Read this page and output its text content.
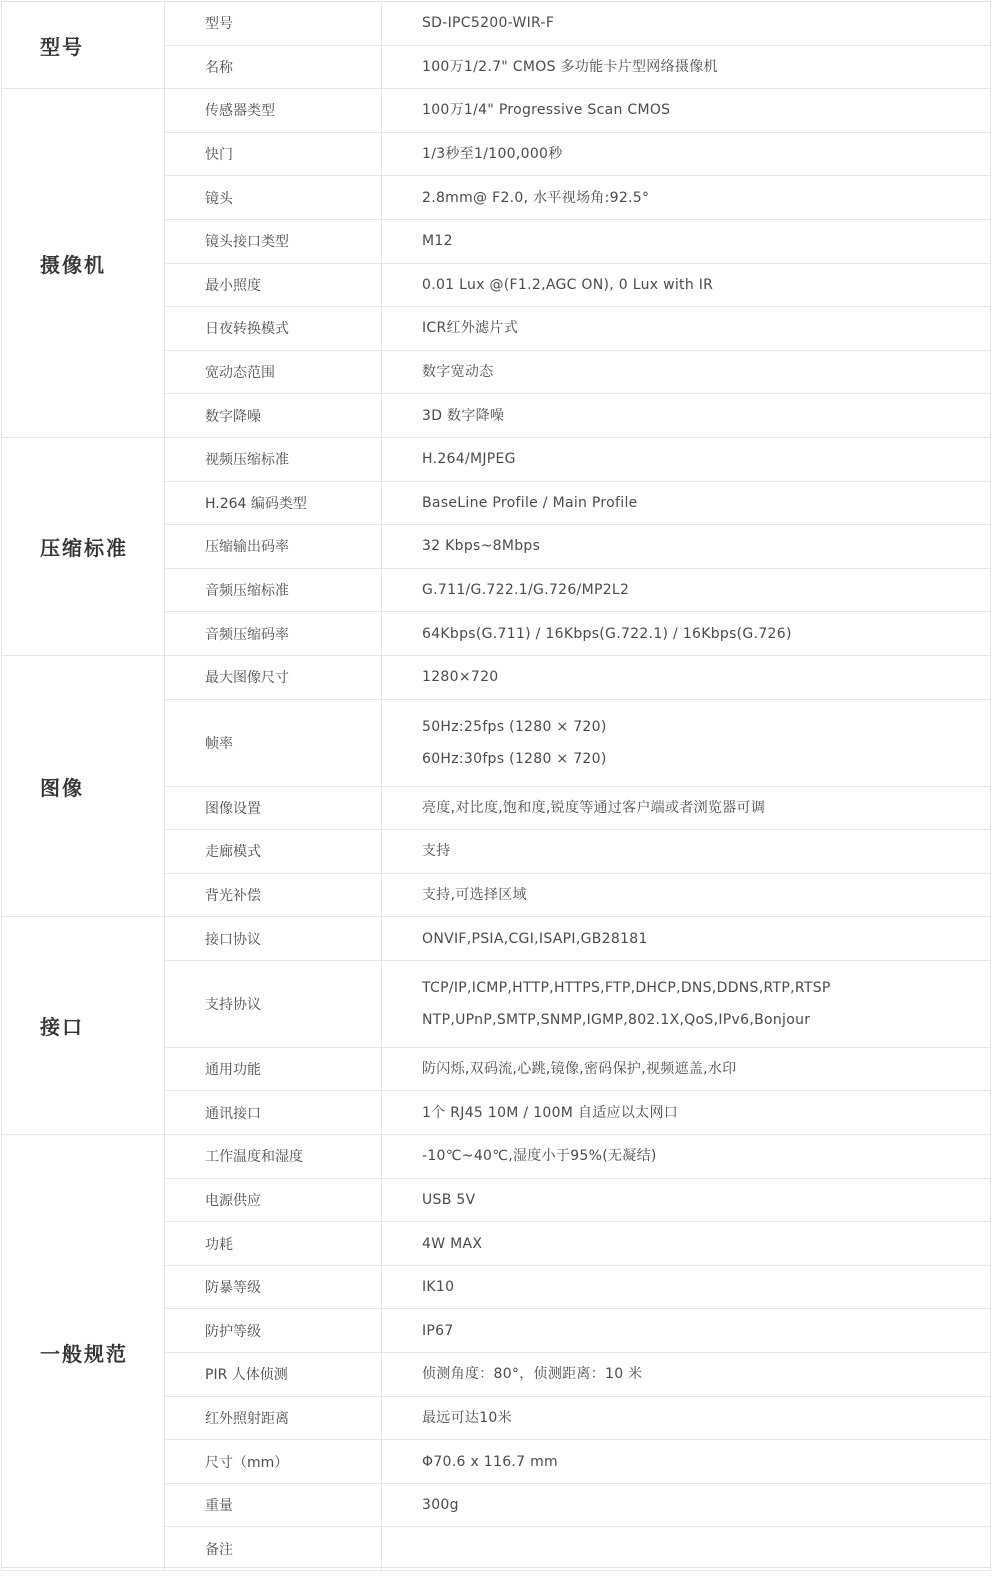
型号	型号	SD-IPC5200-WIR-F

	名称	100万1/2.7" CMOS 多功能卡片型网络摄像机

摄像机	传感器类型	100万1/4" Progressive Scan CMOS

	快门	1/3秒至1/100,000秒

	镜头	2.8mm@ F2.0, 水平视场角:92.5°

	镜头接口类型	M12

	最小照度	0.01 Lux @(F1.2,AGC ON), 0 Lux with IR

	日夜转换模式	ICR红外滤片式

	宽动态范围	数字宽动态

	数字降噪	3D 数字降噪

压缩标准	视频压缩标准	H.264/MJPEG

	H.264 编码类型	BaseLine Profile / Main Profile

	压缩输出码率	32 Kbps~8Mbps

	音频压缩标准	G.711/G.722.1/G.726/MP2L2

	音频压缩码率	64Kbps(G.711) / 16Kbps(G.722.1) / 16Kbps(G.726)

图像	最大图像尺寸	1280×720

	帧率	50Hz:25fps (1280 × 720)
60Hz:30fps (1280 × 720)

	图像设置	亮度,对比度,饱和度,锐度等通过客户端或者浏览器可调

	走廊模式	支持

	背光补偿	支持,可选择区域

接口	接口协议	ONVIF,PSIA,CGI,ISAPI,GB28181

	支持协议	TCP/IP,ICMP,HTTP,HTTPS,FTP,DHCP,DNS,DDNS,RTP,RTSP
NTP,UPnP,SMTP,SNMP,IGMP,802.1X,QoS,IPv6,Bonjour

	通用功能	防闪烁,双码流,心跳,镜像,密码保护,视频遮盖,水印

	通讯接口	1个 RJ45 10M / 100M 自适应以太网口

一般规范	工作温度和湿度	-10℃~40℃,湿度小于95%(无凝结)

	电源供应	USB 5V

	功耗	4W MAX

	防暴等级	IK10

	防护等级	IP67

	PIR 人体侦测	侦测角度：80°，侦测距离：10 米

	红外照射距离	最远可达10米

	尺寸（mm）	Φ70.6 x 116.7 mm

	重量	300g

	备注	
